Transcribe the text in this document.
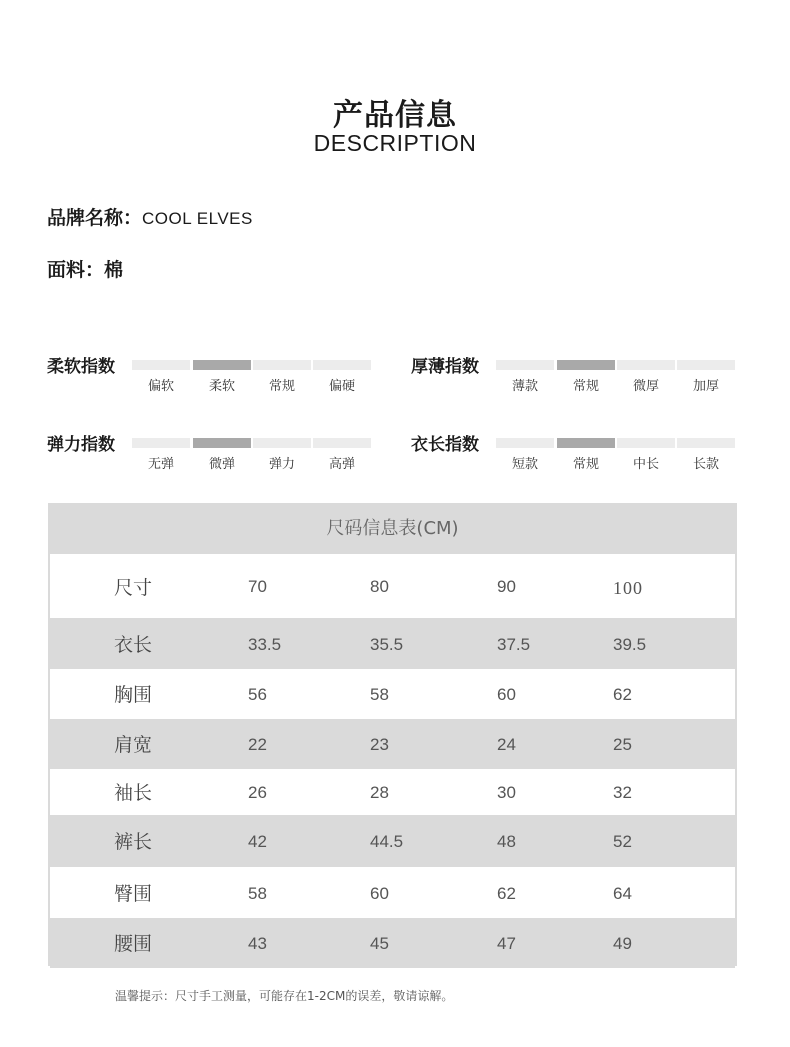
产品信息
DESCRIPTION
品牌名称：COOL ELVES
面料：棉
柔软指数
偏软	柔软	常规	偏硬
厚薄指数
薄款	常规	微厚	加厚
弹力指数
无弹	微弹	弹力	高弹
衣长指数
短款	常规	中长	长款
尺码信息表(CM)
尺寸	70	80	90	100
衣长	33.5	35.5	37.5	39.5
胸围	56	58	60	62
肩宽	22	23	24	25
袖长	26	28	30	32
裤长	42	44.5	48	52
臀围	58	60	62	64
腰围	43	45	47	49
温馨提示：尺寸手工测量，可能存在1-2CM的误差，敬请谅解。
